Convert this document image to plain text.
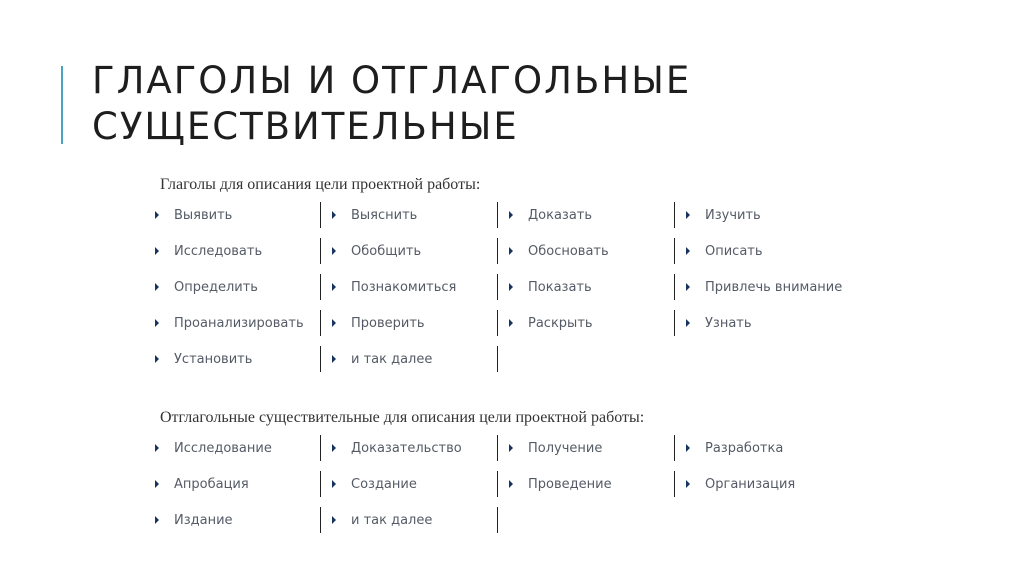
ГЛАГОЛЫ И ОТГЛАГОЛЬНЫЕ
СУЩЕСТВИТЕЛЬНЫЕ
Глаголы для описания цели проектной работы:
Выявить	Выяснить	Доказать	Изучить
Исследовать	Обобщить	Обосновать	Описать
Определить	Познакомиться	Показать	Привлечь внимание
Проанализировать	Проверить	Раскрыть	Узнать
Установить	и так далее
Отглагольные существительные для описания цели проектной работы:
Исследование	Доказательство	Получение	Разработка
Апробация	Создание	Проведение	Организация
Издание	и так далее
